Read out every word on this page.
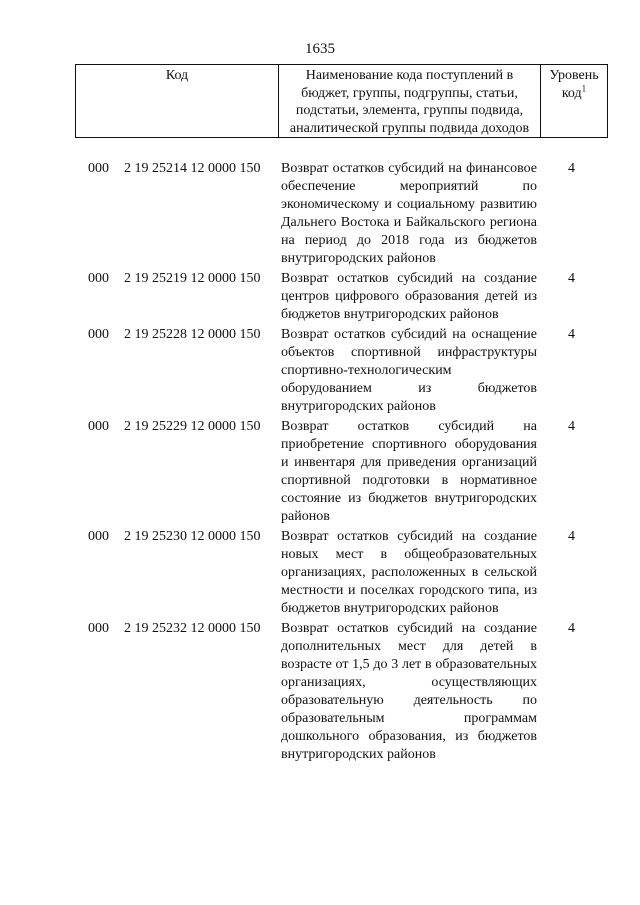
1635
Код	Наименование кода поступлений в бюджет, группы, подгруппы, статьи, подстатьи, элемента, группы подвида, аналитической группы подвида доходов
Уровень код$^1$
000 2 19 25214 12 0000 150 Возврат остатков субсидий на финансовое обеспечение мероприятий по экономическому и социальному развитию Дальнего Востока и Байкальского региона на период до 2018 года из бюджетов внутригородских районов
4
000 2 19 25219 12 0000 150 Возврат остатков субсидий на создание центров цифрового образования детей из бюджетов внутригородских районов
4
000 2 19 25228 12 0000 150 Возврат остатков субсидий на оснащение объектов спортивной инфраструктуры спортивно-технологическим оборудованием из бюджетов внутригородских районов
4
000 2 19 25229 12 0000 150 Возврат остатков субсидий на приобретение спортивного оборудования и инвентаря для приведения организаций спортивной подготовки в нормативное состояние из бюджетов внутригородских районов
4
000 2 19 25230 12 0000 150 Возврат остатков субсидий на создание новых мест в общеобразовательных организациях, расположенных в сельской местности и поселках городского типа, из бюджетов внутригородских районов
4
000 2 19 25232 12 0000 150 Возврат остатков субсидий на создание дополнительных мест для детей в возрасте от 1,5 до 3 лет в образовательных организациях, осуществляющих образовательную деятельность по образовательным программам дошкольного образования, из бюджетов внутригородских районов
4
